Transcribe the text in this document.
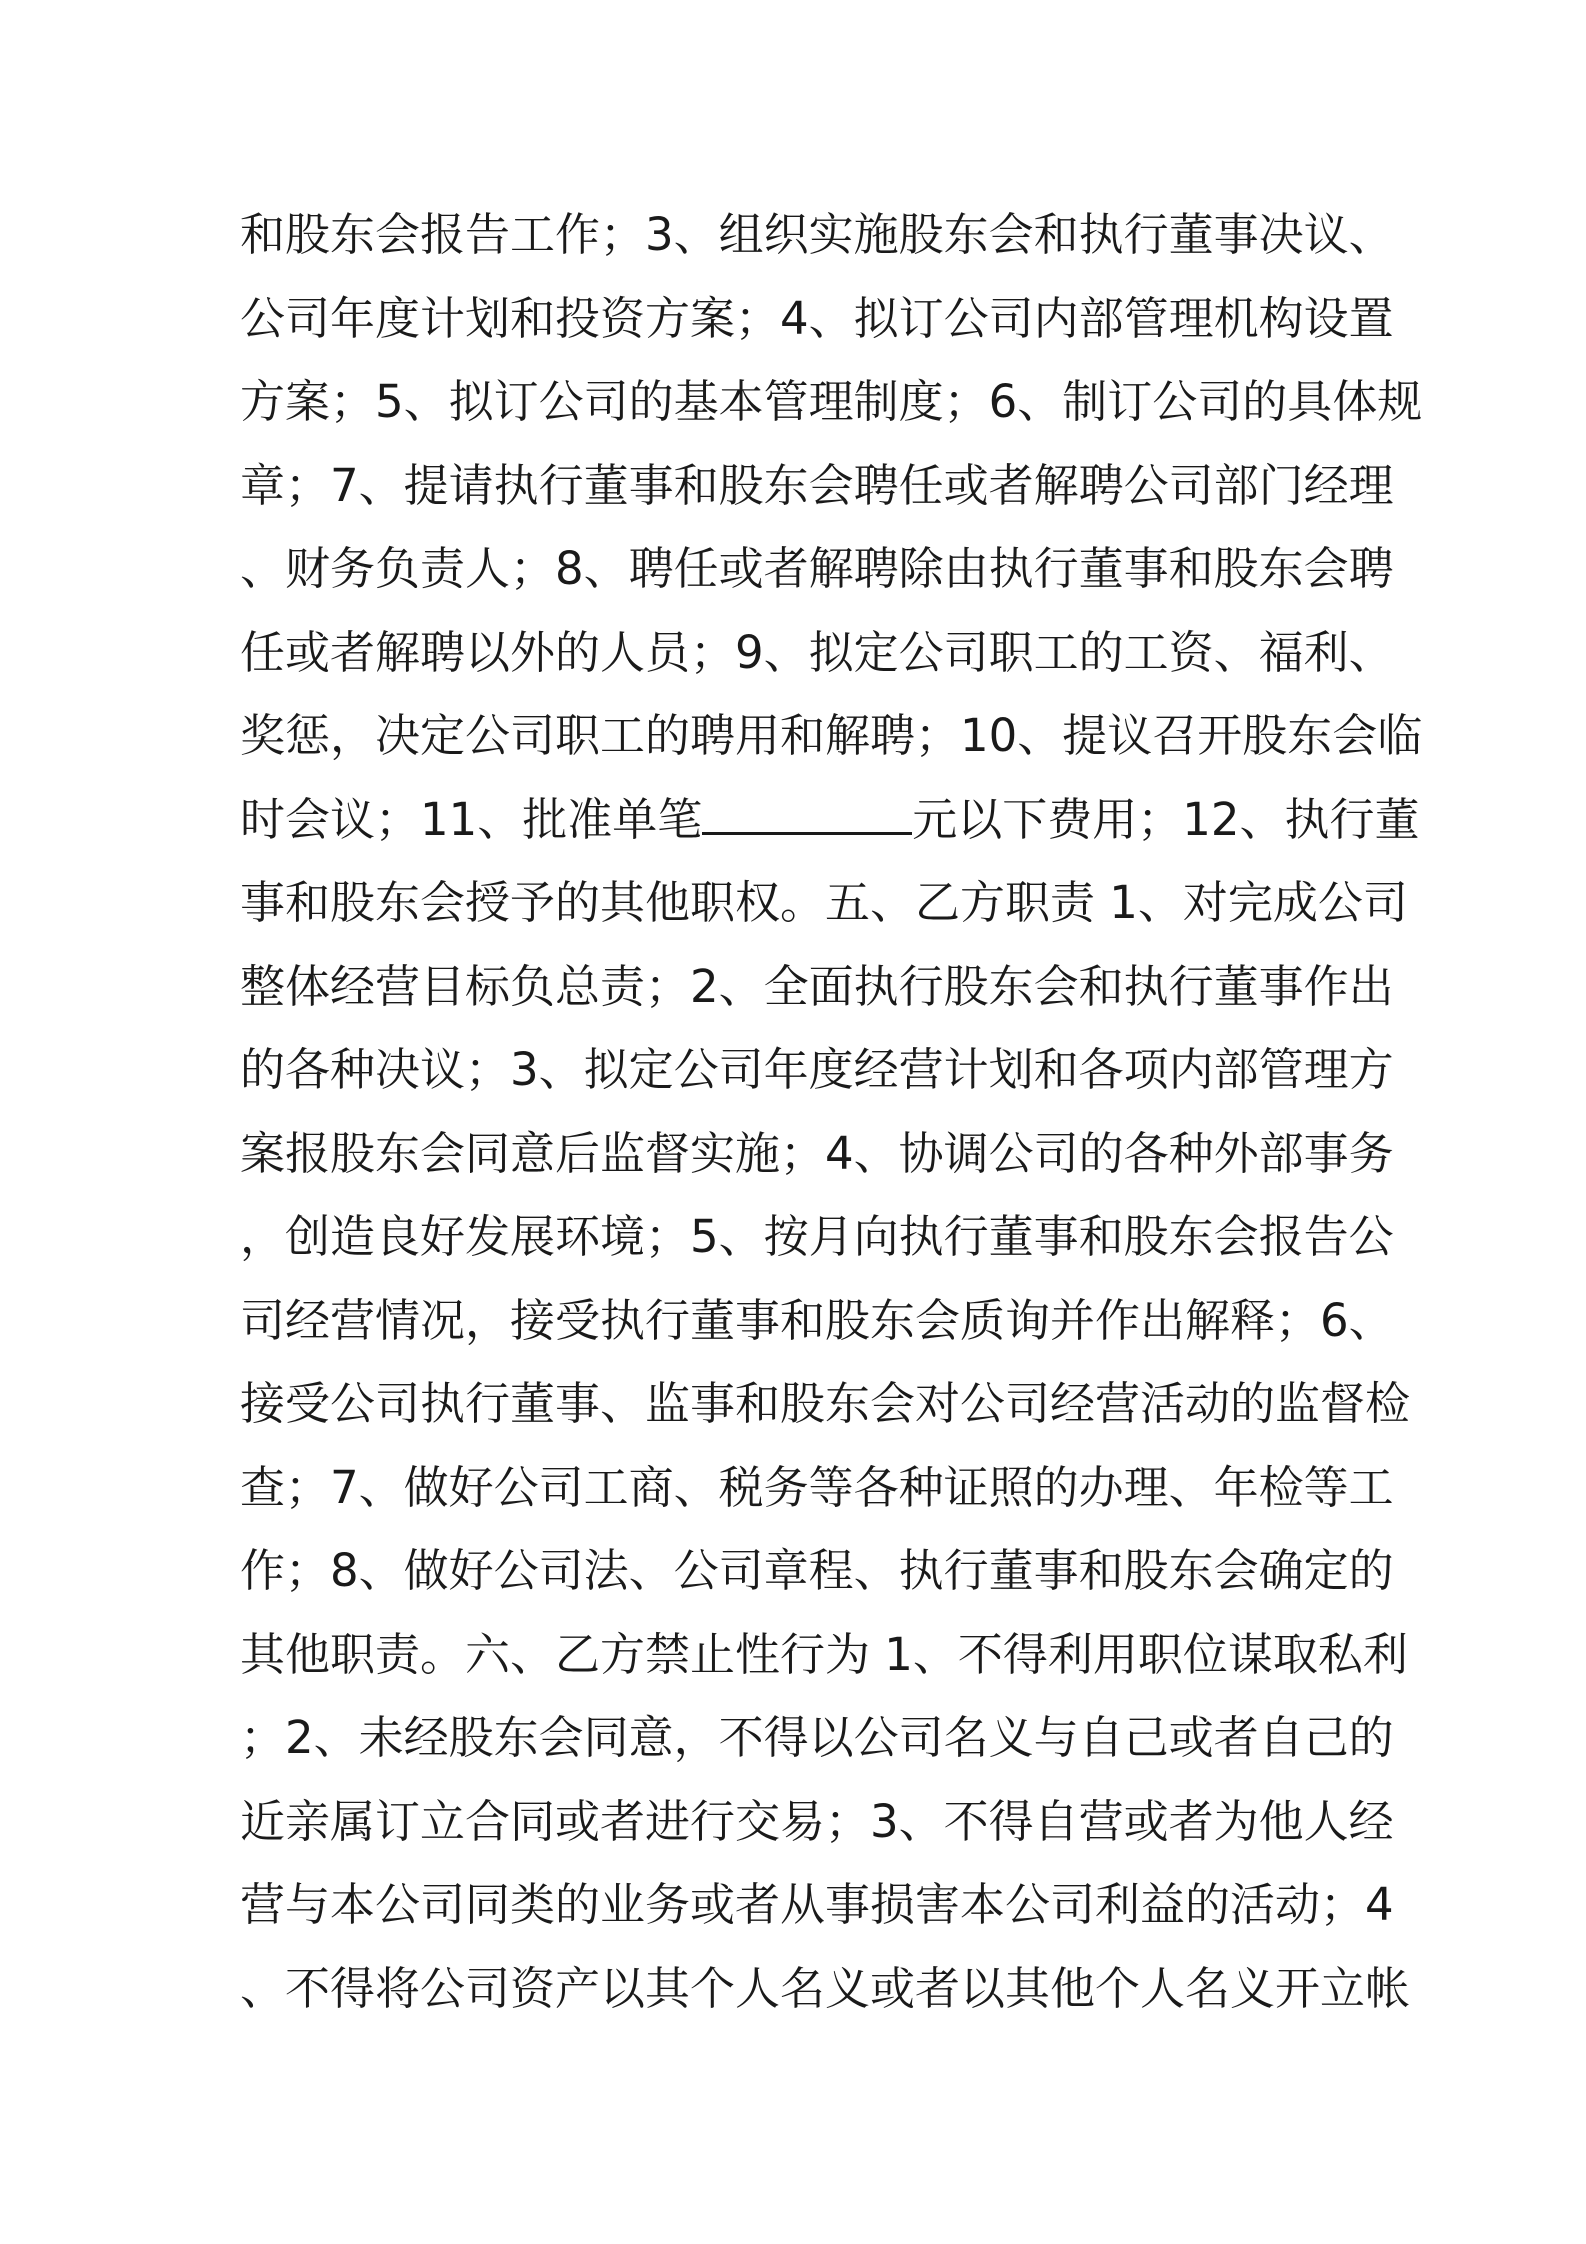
和股东会报告工作；3、组织实施股东会和执行董事决议、
公司年度计划和投资方案；4、拟订公司内部管理机构设置
方案；5、拟订公司的基本管理制度；6、制订公司的具体规
章；7、提请执行董事和股东会聘任或者解聘公司部门经理
、财务负责人；8、聘任或者解聘除由执行董事和股东会聘
任或者解聘以外的人员；9、拟定公司职工的工资、福利、
奖惩，决定公司职工的聘用和解聘；10、提议召开股东会临
时会议；11、批准单笔	元以下费用；12、执行董
事和股东会授予的其他职权。五、乙方职责 1、对完成公司
整体经营目标负总责；2、全面执行股东会和执行董事作出
的各种决议；3、拟定公司年度经营计划和各项内部管理方
案报股东会同意后监督实施；4、协调公司的各种外部事务
，创造良好发展环境；5、按月向执行董事和股东会报告公
司经营情况，接受执行董事和股东会质询并作出解释；6、
接受公司执行董事、监事和股东会对公司经营活动的监督检
查；7、做好公司工商、税务等各种证照的办理、年检等工
作；8、做好公司法、公司章程、执行董事和股东会确定的
其他职责。六、乙方禁止性行为 1、不得利用职位谋取私利
；2、未经股东会同意，不得以公司名义与自己或者自己的
近亲属订立合同或者进行交易；3、不得自营或者为他人经
营与本公司同类的业务或者从事损害本公司利益的活动；4
、不得将公司资产以其个人名义或者以其他个人名义开立帐
